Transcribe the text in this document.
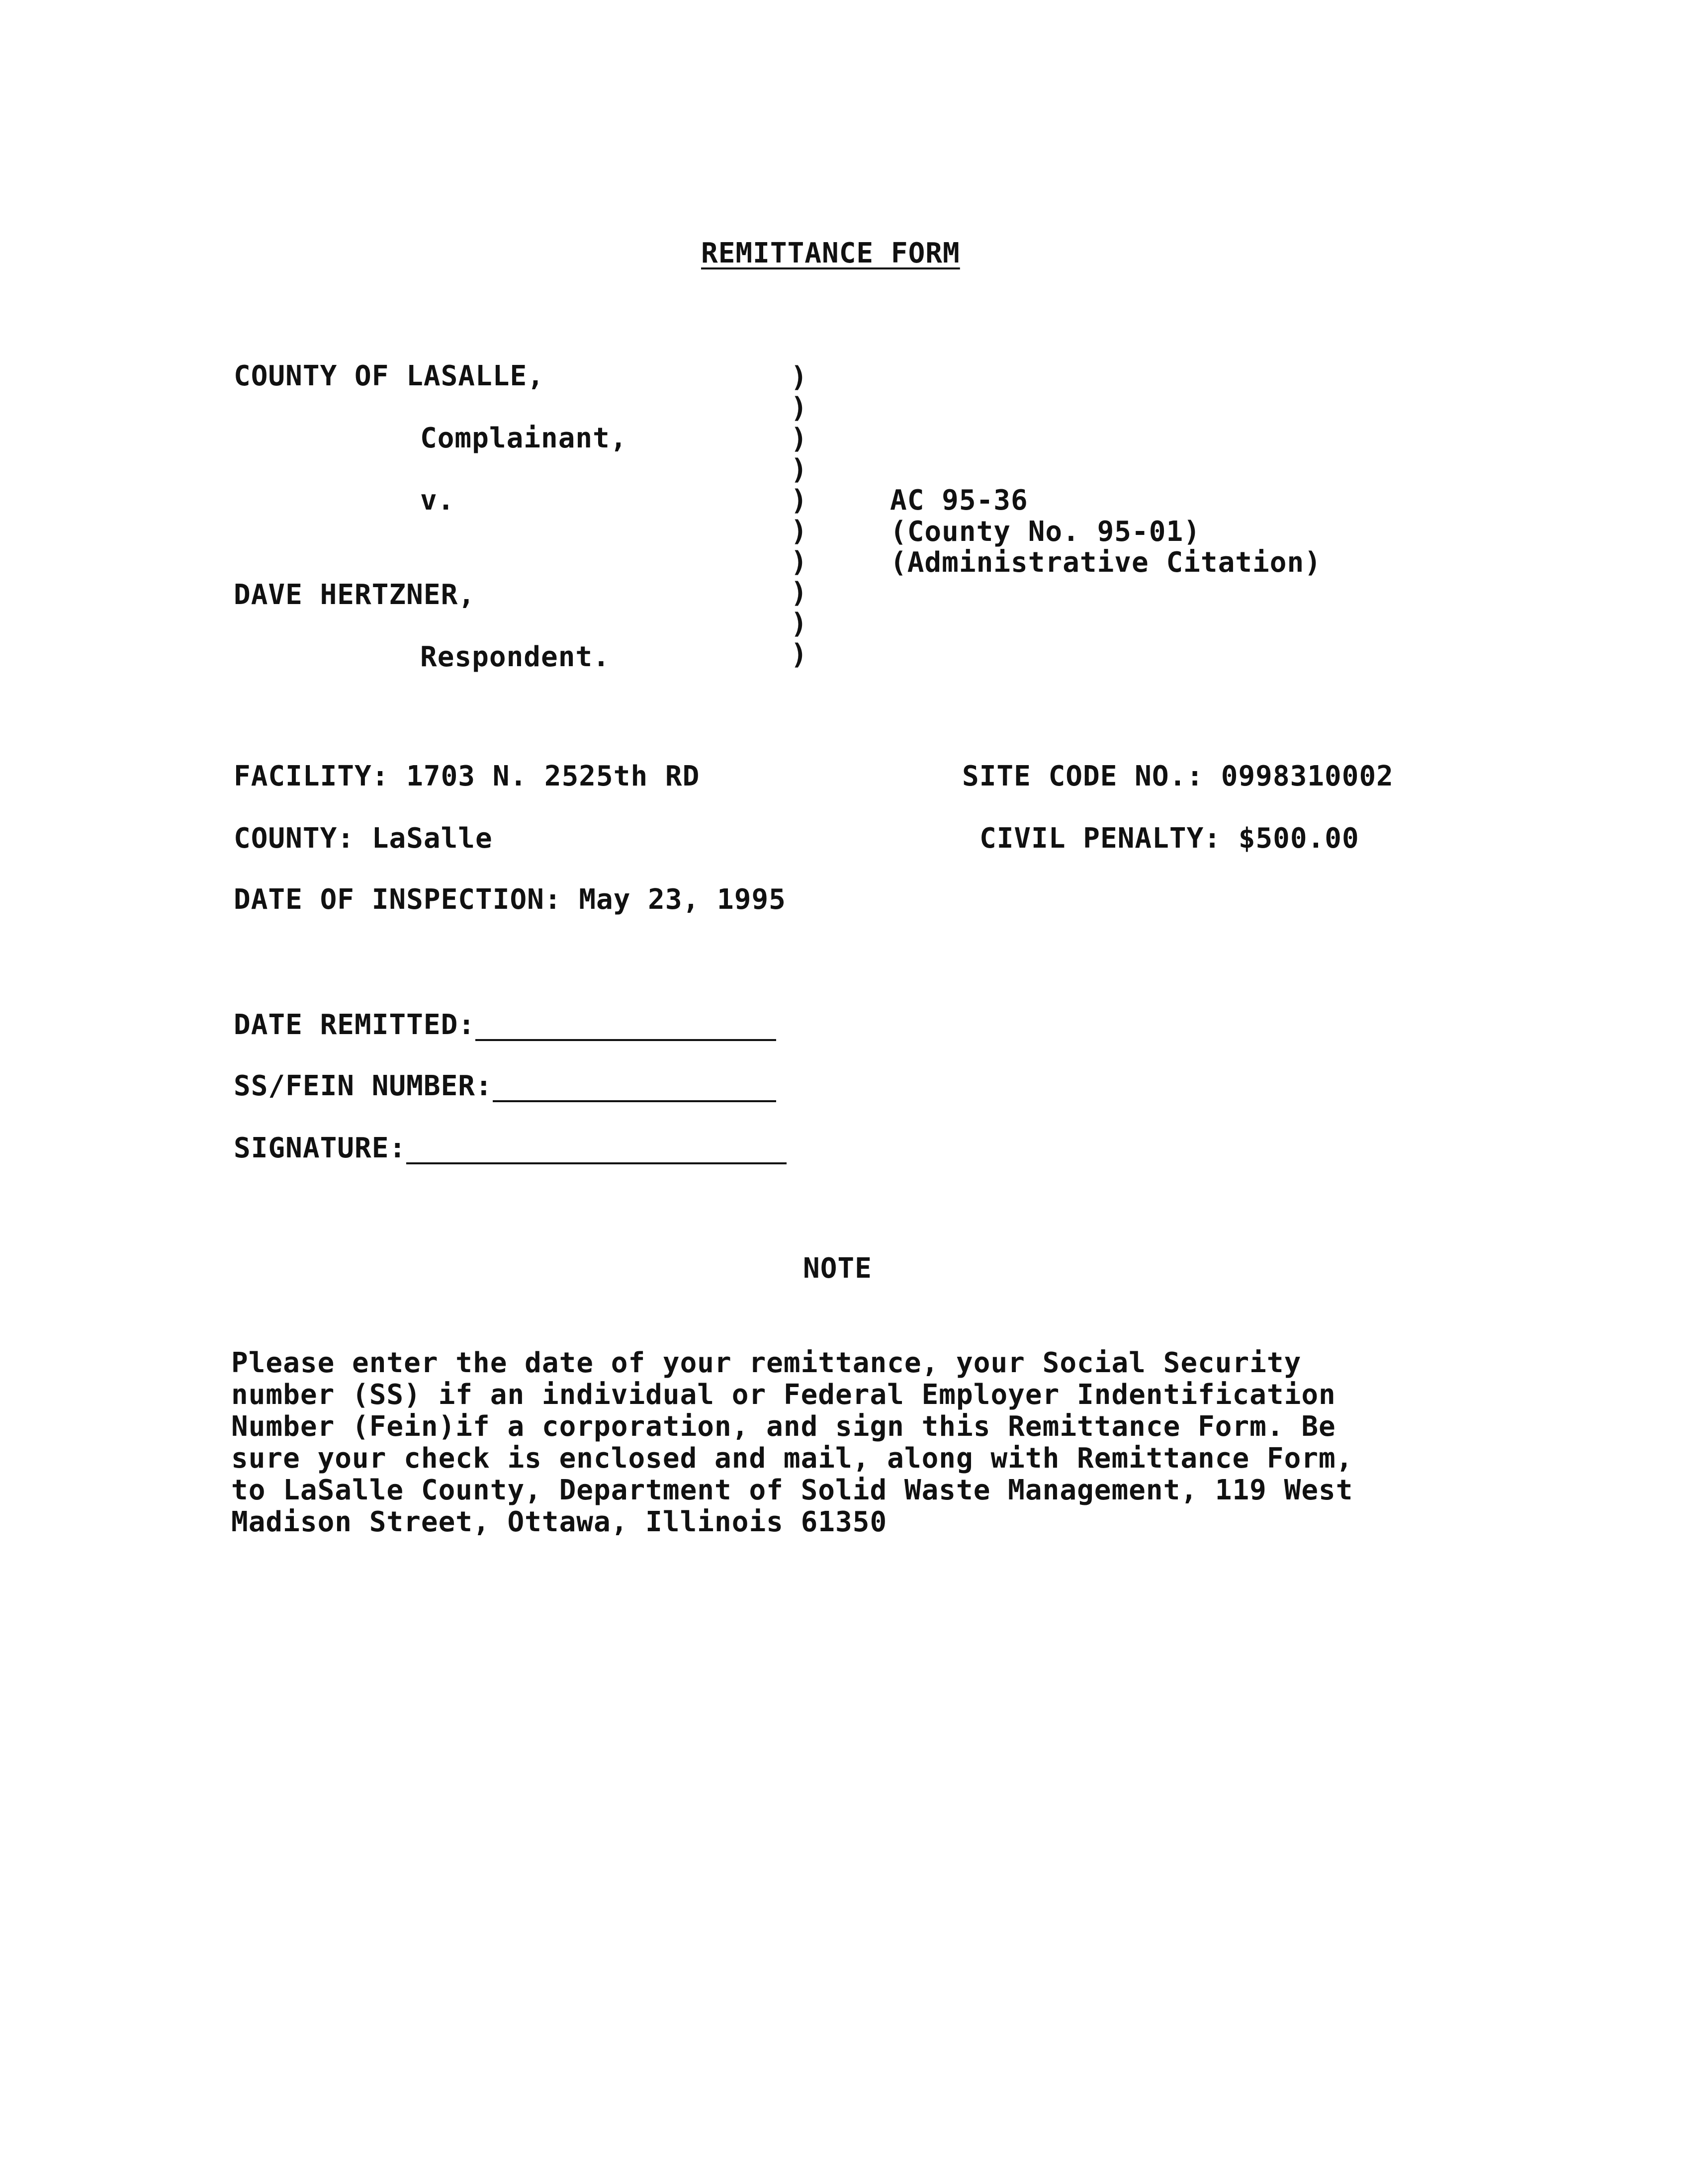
REMITTANCE FORM
COUNTY OF LASALLE,
Complainant,
v.
DAVE HERTZNER,
Respondent.
)
)
)
)
)
)
)
)
)
)
AC 95-36
(County No. 95-01)
(Administrative Citation)
FACILITY: 1703 N. 2525th RD	SITE CODE NO.: 0998310002
COUNTY: LaSalle	CIVIL PENALTY: $500.00
DATE OF INSPECTION: May 23, 1995
DATE REMITTED:
SS/FEIN NUMBER:
SIGNATURE:
NOTE
Please enter the date of your remittance, your Social Security
number (SS) if an individual or Federal Employer Indentification
Number (Fein)if a corporation, and sign this Remittance Form. Be
sure your check is enclosed and mail, along with Remittance Form,
to LaSalle County, Department of Solid Waste Management, 119 West
Madison Street, Ottawa, Illinois 61350
